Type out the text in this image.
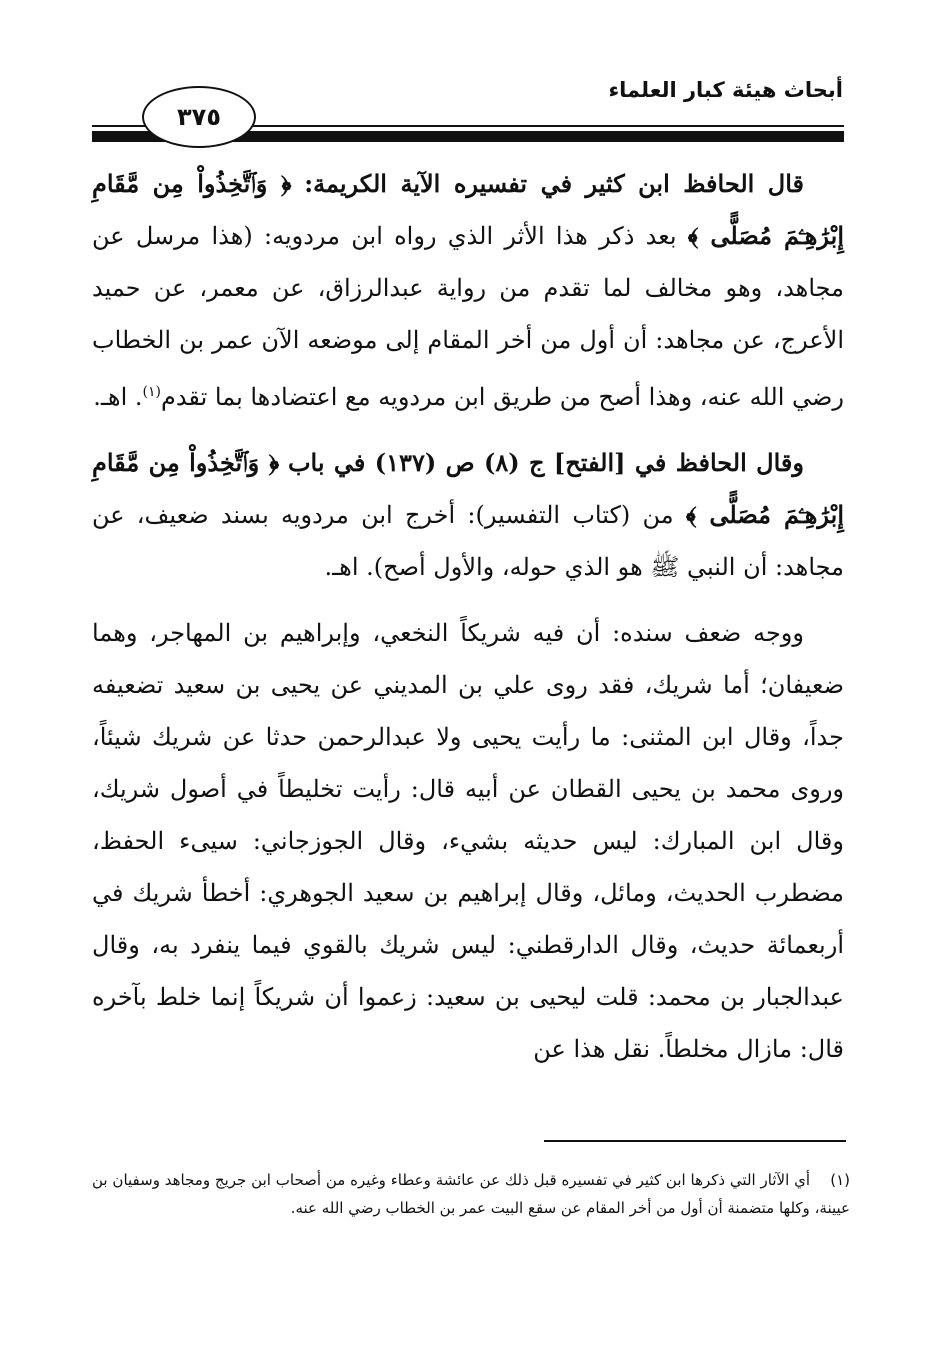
أبحاث هيئة كبار العلماء
٣٧٥

قال الحافظ ابن كثير في تفسيره الآية الكريمة: ﴿ وَٱتَّخِذُواْ مِن مَّقَامِ إِبْرَٰهِـۧمَ مُصَلًّى ﴾ بعد ذكر هذا الأثر الذي رواه ابن مردويه: (هذا مرسل عن مجاهد، وهو مخالف لما تقدم من رواية عبدالرزاق، عن معمر، عن حميد الأعرج، عن مجاهد: أن أول من أخر المقام إلى موضعه الآن عمر بن الخطاب رضي الله عنه، وهذا أصح من طريق ابن مردويه مع اعتضادها بما تقدم$^{(١)}$. اهـ.

وقال الحافظ في [الفتح] ج (٨) ص (١٣٧) في باب ﴿ وَٱتَّخِذُواْ مِن مَّقَامِ إِبْرَٰهِـۧمَ مُصَلًّى ﴾ من (كتاب التفسير): أخرج ابن مردويه بسند ضعيف، عن مجاهد: أن النبي ﷺ هو الذي حوله، والأول أصح). اهـ.

ووجه ضعف سنده: أن فيه شريكاً النخعي، وإبراهيم بن المهاجر، وهما ضعيفان؛ أما شريك، فقد روى علي بن المديني عن يحيى بن سعيد تضعيفه جداً، وقال ابن المثنى: ما رأيت يحيى ولا عبدالرحمن حدثا عن شريك شيئاً، وروى محمد بن يحيى القطان عن أبيه قال: رأيت تخليطاً في أصول شريك، وقال ابن المبارك: ليس حديثه بشيء، وقال الجوزجاني: سيىء الحفظ، مضطرب الحديث، ومائل، وقال إبراهيم بن سعيد الجوهري: أخطأ شريك في أربعمائة حديث، وقال الدارقطني: ليس شريك بالقوي فيما ينفرد به، وقال عبدالجبار بن محمد: قلت ليحيى بن سعيد: زعموا أن شريكاً إنما خلط بآخره قال: مازال مخلطاً. نقل هذا عن

(١)أي الآثار التي ذكرها ابن كثير في تفسيره قبل ذلك عن عائشة وعطاء وغيره من أصحاب ابن جريج ومجاهد وسفيان بن عيينة، وكلها متضمنة أن أول من أخر المقام عن سقع البيت عمر بن الخطاب رضي الله عنه.
